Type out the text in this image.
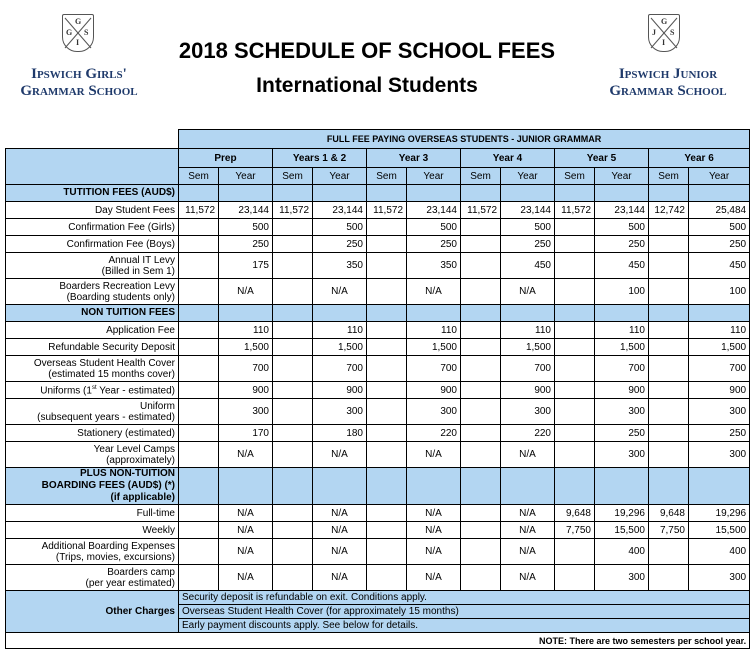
G
G S
I
Ipswich Girls'
Grammar School
G
J S
I
Ipswich Junior
Grammar School
2018 SCHEDULE OF SCHOOL FEES
International Students
	FULL FEE PAYING OVERSEAS STUDENTS - JUNIOR GRAMMAR											
	Prep		Years 1 & 2		Year 3		Year 4		Year 5		Year 6	
	Sem	Year	Sem	Year	Sem	Year	Sem	Year	Sem	Year	Sem	Year
TUTITION FEES (AUD$)												
Day Student Fees	11,572	23,144	11,572	23,144	11,572	23,144	11,572	23,144	11,572	23,144	12,742	25,484
Confirmation Fee (Girls)		500		500		500		500		500		500
Confirmation Fee (Boys)		250		250		250		250		250		250
Annual IT Levy
(Billed in Sem 1)		175		350		350		450		450		450
Boarders Recreation Levy
(Boarding students only)		N/A		N/A		N/A		N/A		100		100
NON TUITION FEES												
Application Fee		110		110		110		110		110		110
Refundable Security Deposit		1,500		1,500		1,500		1,500		1,500		1,500
Overseas Student Health Cover
(estimated 15 months cover)		700		700		700		700		700		700
Uniforms (1st Year - estimated)		900		900		900		900		900		900
Uniform
(subsequent years - estimated)		300		300		300		300		300		300
Stationery (estimated)		170		180		220		220		250		250
Year Level Camps
(approximately)		N/A		N/A		N/A		N/A		300		300
PLUS NON-TUITION
BOARDING FEES (AUD$) (*)
(if applicable)												
Full-time		N/A		N/A		N/A		N/A	9,648	19,296	9,648	19,296
Weekly		N/A		N/A		N/A		N/A	7,750	15,500	7,750	15,500
Additional Boarding Expenses
(Trips, movies, excursions)		N/A		N/A		N/A		N/A		400		400
Boarders camp
(per year estimated)		N/A		N/A		N/A		N/A		300		300
Other Charges	Security deposit is refundable on exit. Conditions apply.
Overseas Student Health Cover (for approximately 15 months)
Early payment discounts apply. See below for details.											

NOTE: There are two semesters per school year.												
